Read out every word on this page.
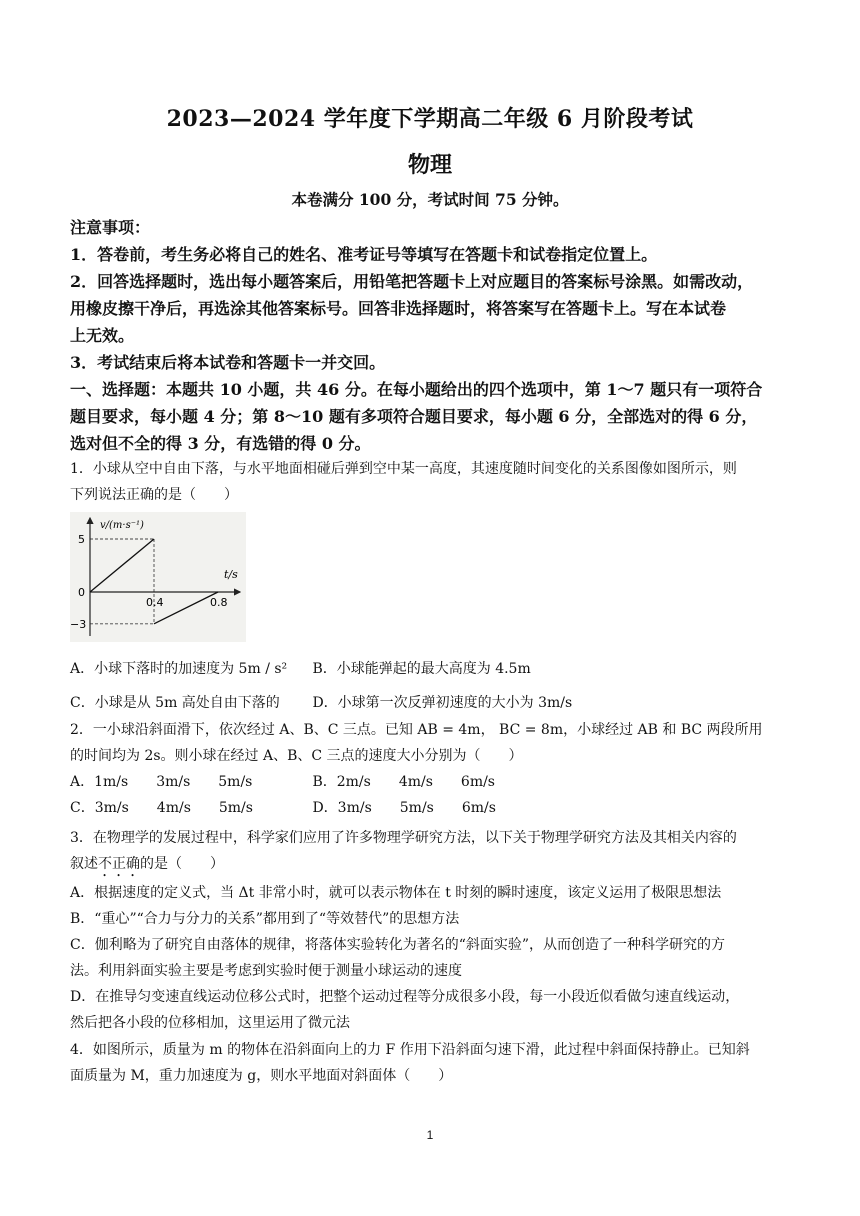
2023—2024 学年度下学期高二年级 6 月阶段考试
物理
本卷满分 100 分，考试时间 75 分钟。
注意事项：
1．答卷前，考生务必将自己的姓名、准考证号等填写在答题卡和试卷指定位置上。
2．回答选择题时，选出每小题答案后，用铅笔把答题卡上对应题目的答案标号涂黑。如需改动，
用橡皮擦干净后，再选涂其他答案标号。回答非选择题时，将答案写在答题卡上。写在本试卷
上无效。
3．考试结束后将本试卷和答题卡一并交回。
一、选择题：本题共 10 小题，共 46 分。在每小题给出的四个选项中，第 1～7 题只有一项符合
题目要求，每小题 4 分；第 8～10 题有多项符合题目要求，每小题 6 分，全部选对的得 6 分，
选对但不全的得 3 分，有选错的得 0 分。
1．小球从空中自由下落，与水平地面相碰后弹到空中某一高度，其速度随时间变化的关系图像如图所示，则
下列说法正确的是（　　）
v/(m·s⁻¹)
t/s
5
0
−3
0.4	0.8
A．小球下落时的加速度为 5m / s² B．小球能弹起的最大高度为 4.5m
C．小球是从 5m 高处自由下落的 D．小球第一次反弹初速度的大小为 3m/s
2．一小球沿斜面滑下，依次经过 A、B、C 三点。已知 AB = 4m， BC = 8m，小球经过 AB 和 BC 两段所用
的时间均为 2s。则小球在经过 A、B、C 三点的速度大小分别为（　　）
A．1m/s　　3m/s　　5m/s	B．2m/s　　4m/s　　6m/s
C．3m/s　　4m/s　　5m/s	D．3m/s　　5m/s　　6m/s
3．在物理学的发展过程中，科学家们应用了许多物理学研究方法，以下关于物理学研究方法及其相关内容的
叙述不正确的是（　　）
A．根据速度的定义式，当 Δt 非常小时，就可以表示物体在 t 时刻的瞬时速度，该定义运用了极限思想法
B．“重心”“合力与分力的关系”都用到了“等效替代”的思想方法
C．伽利略为了研究自由落体的规律，将落体实验转化为著名的“斜面实验”，从而创造了一种科学研究的方
法。利用斜面实验主要是考虑到实验时便于测量小球运动的速度
D．在推导匀变速直线运动位移公式时，把整个运动过程等分成很多小段，每一小段近似看做匀速直线运动，
然后把各小段的位移相加，这里运用了微元法
4．如图所示，质量为 m 的物体在沿斜面向上的力 F 作用下沿斜面匀速下滑，此过程中斜面保持静止。已知斜
面质量为 M，重力加速度为 g，则水平地面对斜面体（　　）
1
